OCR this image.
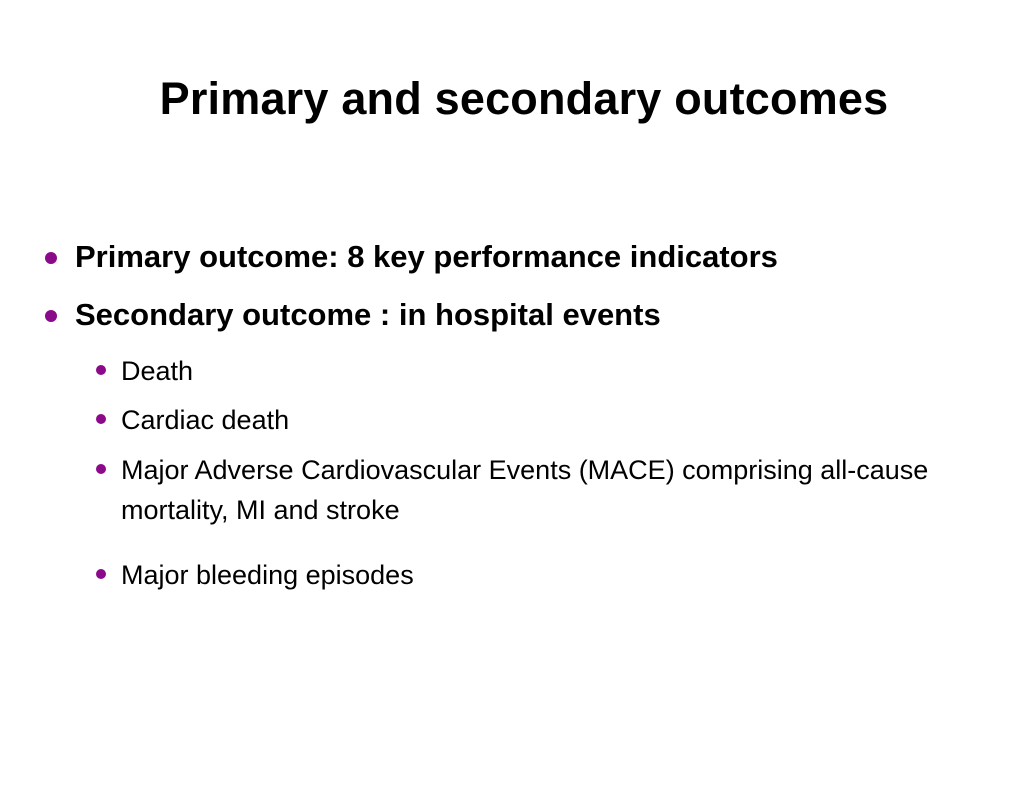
Primary and secondary outcomes
Primary outcome: 8 key performance indicators
Secondary outcome : in hospital events
Death
Cardiac death
Major Adverse Cardiovascular Events (MACE) comprising all-cause mortality, MI and stroke
Major bleeding episodes
